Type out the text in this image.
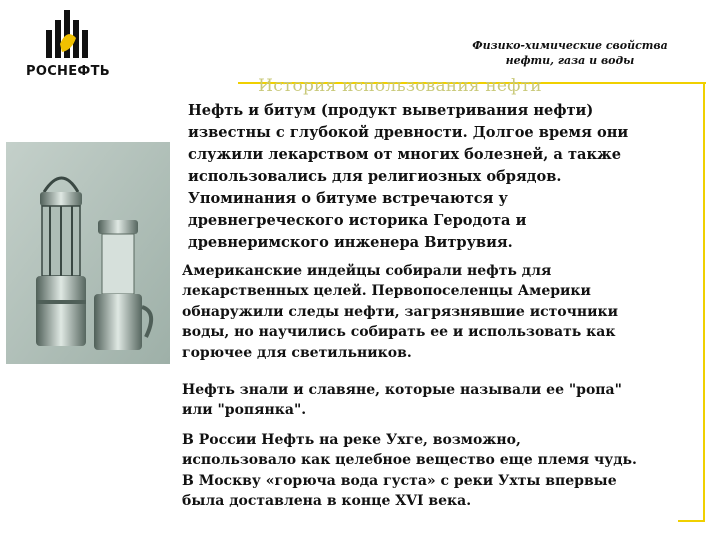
РОСНЕФТЬ
Физико-химические свойства
нефти, газа и воды
История использования нефти
Нефть и битум (продукт выветривания нефти)
известны с глубокой древности. Долгое время они
служили лекарством от многих болезней, а также
использовались для религиозных обрядов.
Упоминания о битуме встречаются у
древнегреческого историка Геродота и
древнеримского инженера Витрувия.
Американские индейцы собирали нефть для
лекарственных целей. Первопоселенцы Америки
обнаружили следы нефти, загрязнявшие источники
воды, но научились собирать ее и использовать как
горючее для светильников.
Нефть знали и славяне, которые называли ее "ропа"
или "ропянка".
В России Нефть на реке Ухге, возможно,
использовало как целебное вещество еще племя чудь.
В Москву «горюча вода густа» с реки Ухты впервые
была доставлена в конце XVI века.
